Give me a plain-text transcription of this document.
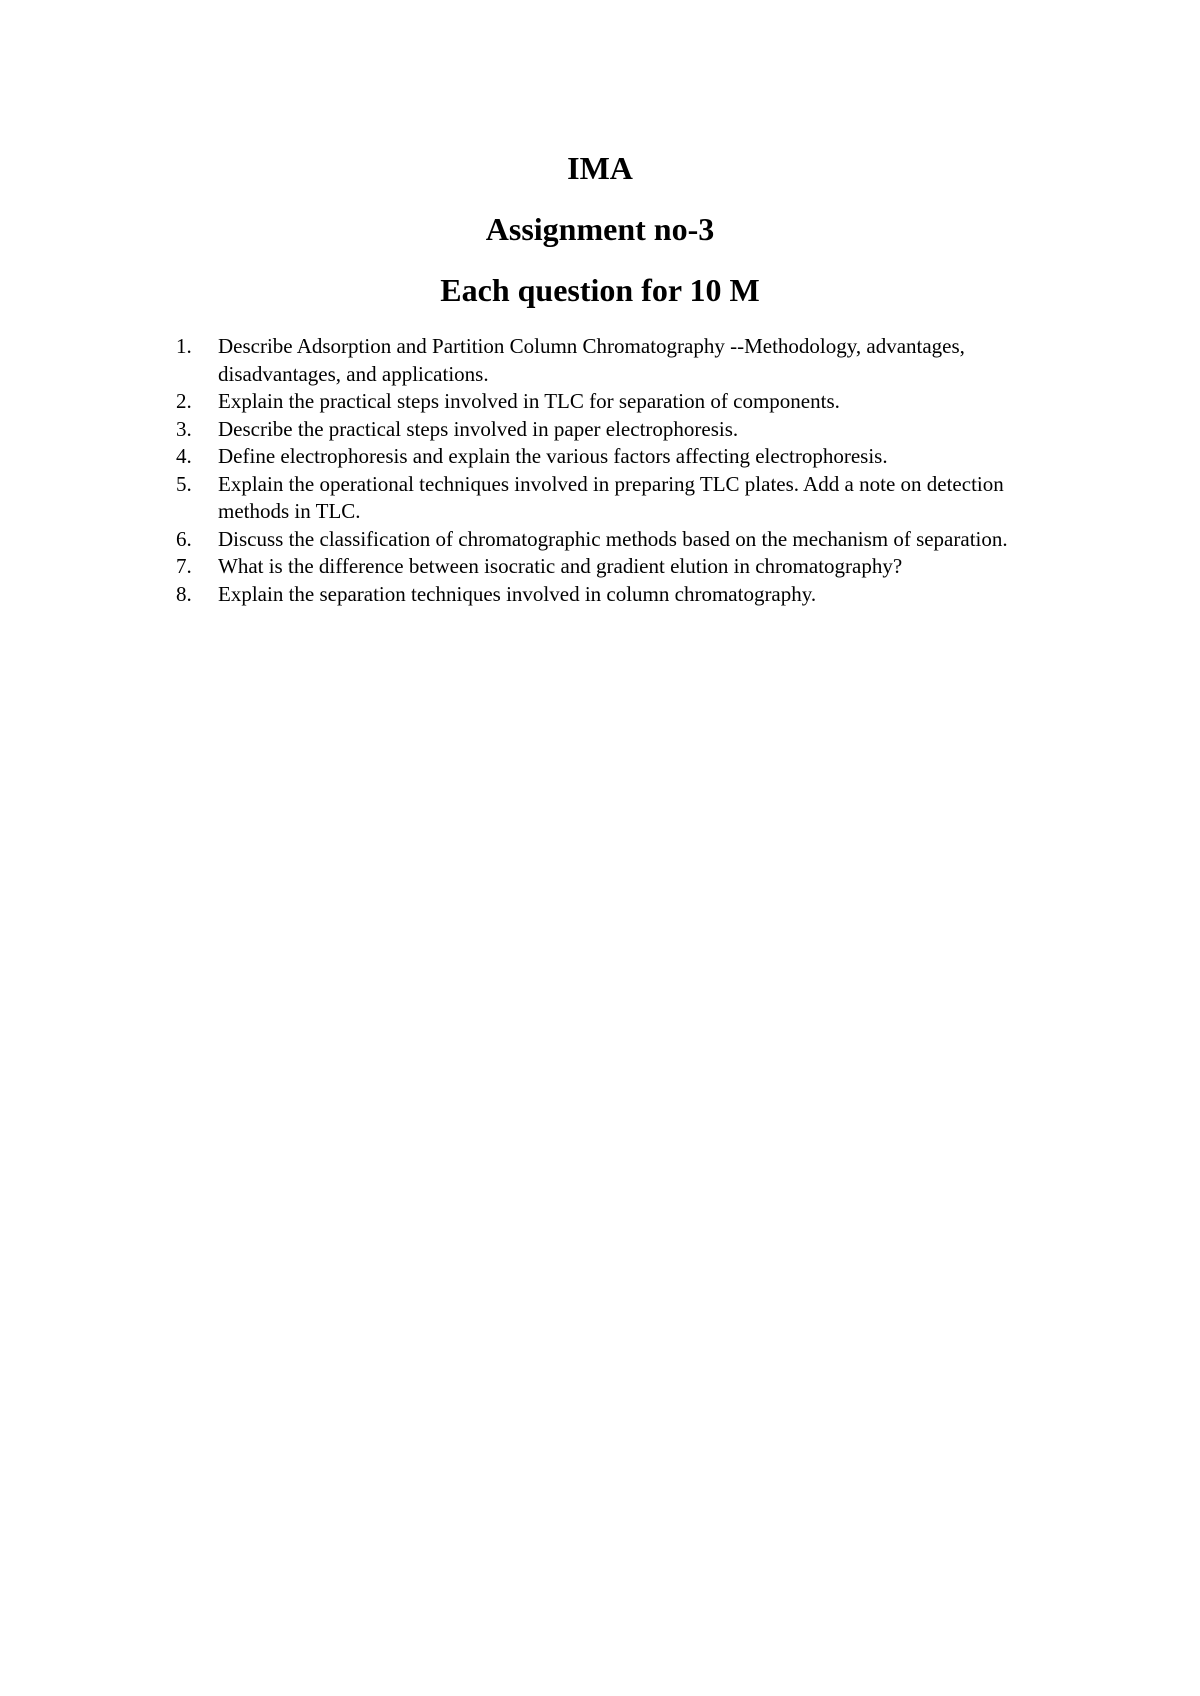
IMA
Assignment no-3
Each question for 10 M
1.	Describe Adsorption and Partition Column Chromatography --Methodology, advantages, disadvantages, and applications.
2.	Explain the practical steps involved in TLC for separation of components.
3.	Describe the practical steps involved in paper electrophoresis.
4.	Define electrophoresis and explain the various factors affecting electrophoresis.
5.	Explain the operational techniques involved in preparing TLC plates. Add a note on detection methods in TLC.
6.	Discuss the classification of chromatographic methods based on the mechanism of separation.
7.	What is the difference between isocratic and gradient elution in chromatography?
8.	Explain the separation techniques involved in column chromatography.
